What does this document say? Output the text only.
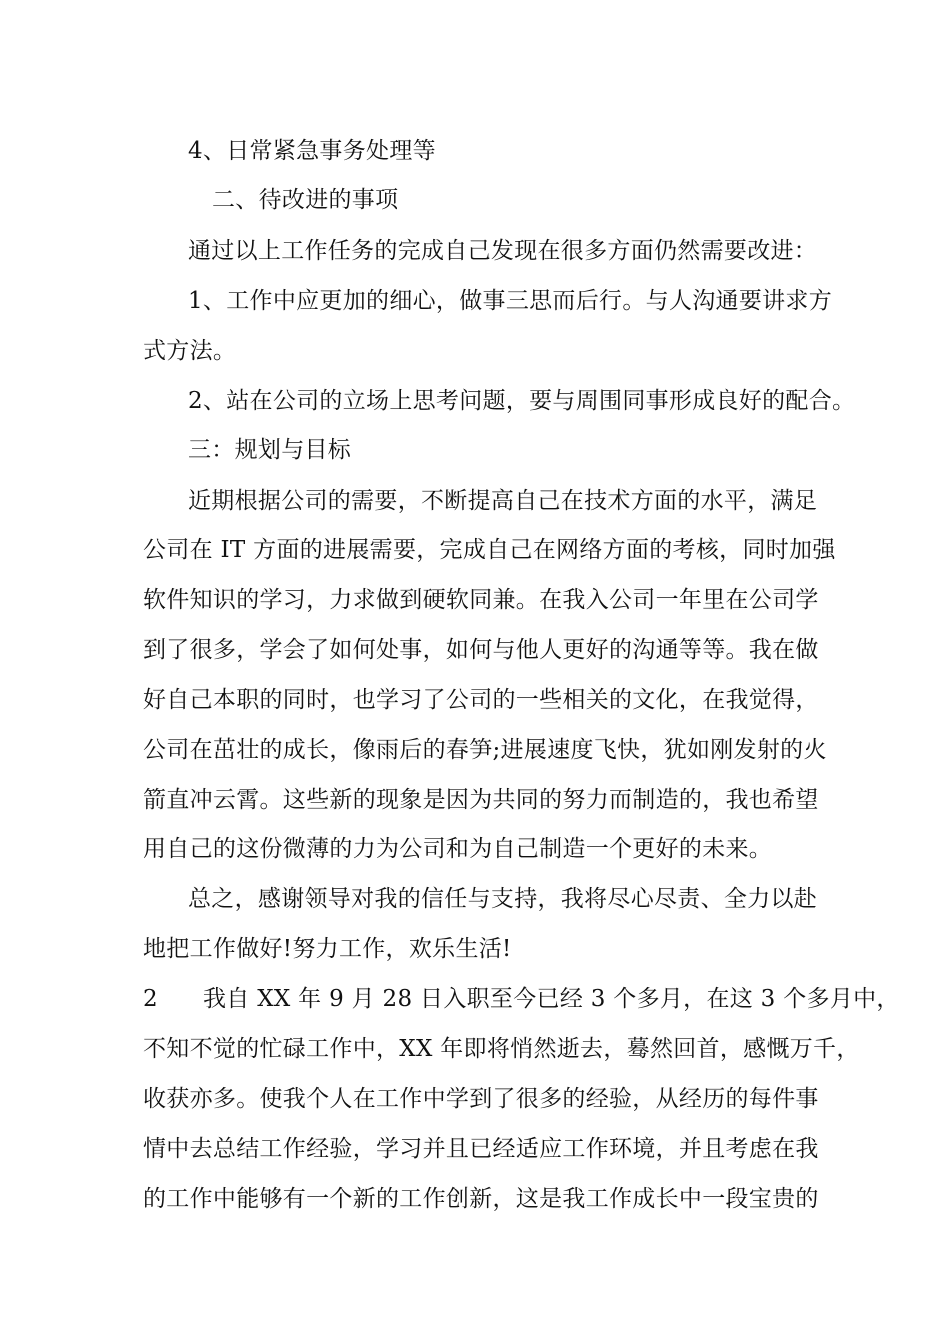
4、日常紧急事务处理等
二、待改进的事项
通过以上工作任务的完成自己发现在很多方面仍然需要改进：
1、工作中应更加的细心，做事三思而后行。与人沟通要讲求方
式方法。
2、站在公司的立场上思考问题，要与周围同事形成良好的配合。
三：规划与目标
近期根据公司的需要，不断提高自己在技术方面的水平，满足
公司在 IT 方面的进展需要，完成自己在网络方面的考核，同时加强
软件知识的学习，力求做到硬软同兼。在我入公司一年里在公司学
到了很多，学会了如何处事，如何与他人更好的沟通等等。我在做
好自己本职的同时，也学习了公司的一些相关的文化，在我觉得，
公司在茁壮的成长，像雨后的春笋;进展速度飞快，犹如刚发射的火
箭直冲云霄。这些新的现象是因为共同的努力而制造的，我也希望
用自己的这份微薄的力为公司和为自己制造一个更好的未来。
总之，感谢领导对我的信任与支持，我将尽心尽责、全力以赴
地把工作做好!努力工作，欢乐生活!
2 我自 XX 年 9 月 28 日入职至今已经 3 个多月，在这 3 个多月中，
不知不觉的忙碌工作中，XX 年即将悄然逝去，蓦然回首，感慨万千，
收获亦多。使我个人在工作中学到了很多的经验，从经历的每件事
情中去总结工作经验，学习并且已经适应工作环境，并且考虑在我
的工作中能够有一个新的工作创新，这是我工作成长中一段宝贵的
